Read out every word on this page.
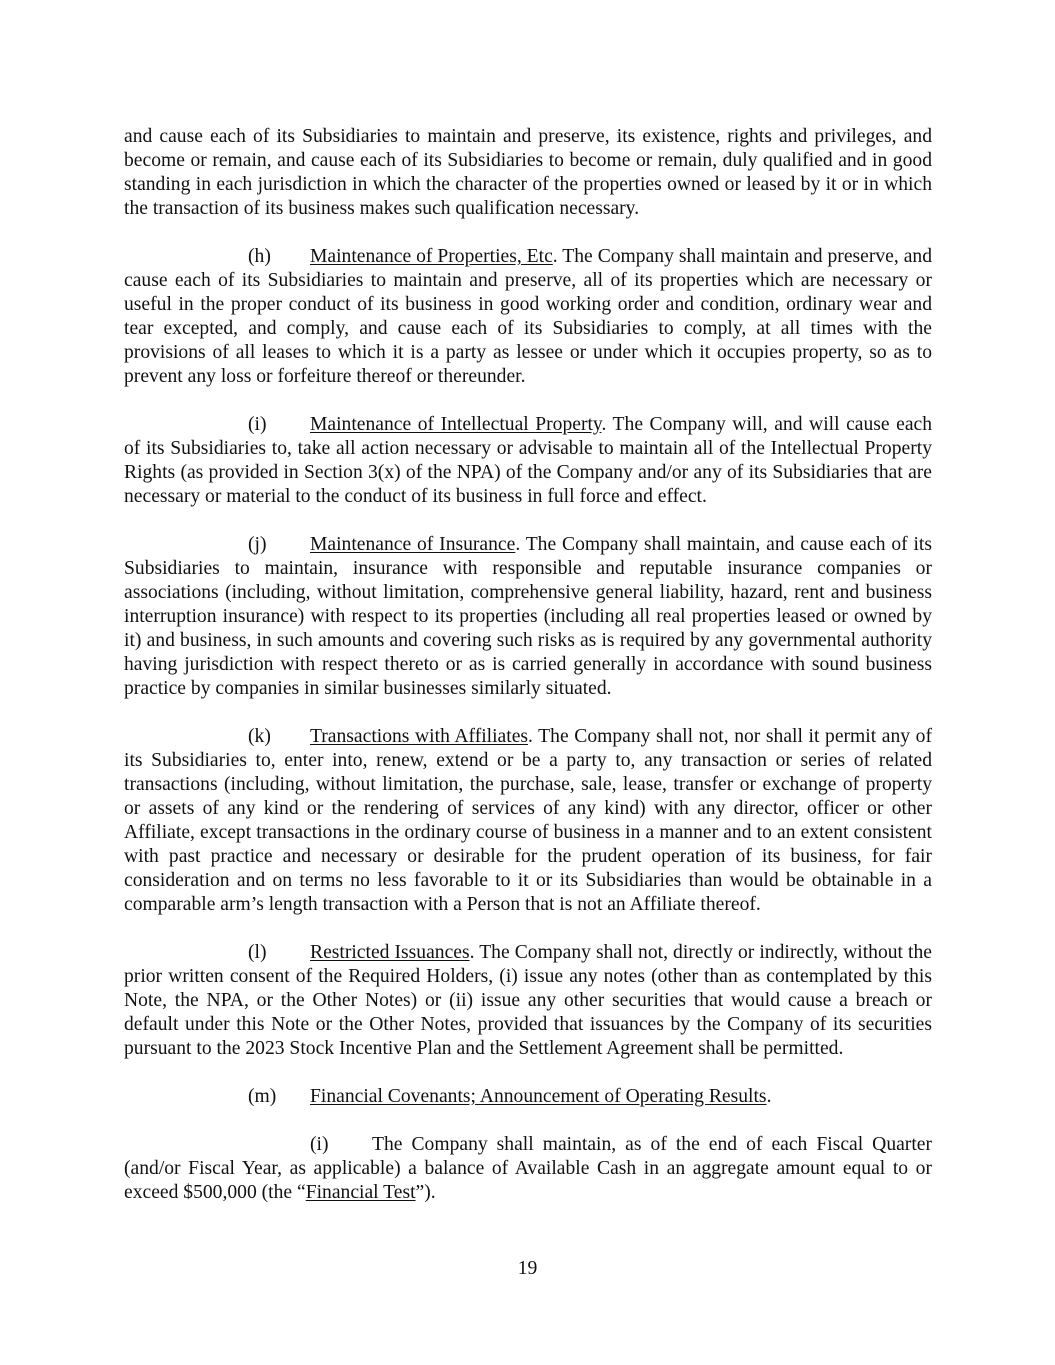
and cause each of its Subsidiaries to maintain and preserve, its existence, rights and privileges, and become or remain, and cause each of its Subsidiaries to become or remain, duly qualified and in good standing in each jurisdiction in which the character of the properties owned or leased by it or in which the transaction of its business makes such qualification necessary.

(h) Maintenance of Properties, Etc. The Company shall maintain and preserve, and cause each of its Subsidiaries to maintain and preserve, all of its properties which are necessary or useful in the proper conduct of its business in good working order and condition, ordinary wear and tear excepted, and comply, and cause each of its Subsidiaries to comply, at all times with the provisions of all leases to which it is a party as lessee or under which it occupies property, so as to prevent any loss or forfeiture thereof or thereunder.

(i) Maintenance of Intellectual Property. The Company will, and will cause each of its Subsidiaries to, take all action necessary or advisable to maintain all of the Intellectual Property Rights (as provided in Section 3(x) of the NPA) of the Company and/or any of its Subsidiaries that are necessary or material to the conduct of its business in full force and effect.

(j) Maintenance of Insurance. The Company shall maintain, and cause each of its Subsidiaries to maintain, insurance with responsible and reputable insurance companies or associations (including, without limitation, comprehensive general liability, hazard, rent and business interruption insurance) with respect to its properties (including all real properties leased or owned by it) and business, in such amounts and covering such risks as is required by any governmental authority having jurisdiction with respect thereto or as is carried generally in accordance with sound business practice by companies in similar businesses similarly situated.

(k) Transactions with Affiliates. The Company shall not, nor shall it permit any of its Subsidiaries to, enter into, renew, extend or be a party to, any transaction or series of related transactions (including, without limitation, the purchase, sale, lease, transfer or exchange of property or assets of any kind or the rendering of services of any kind) with any director, officer or other Affiliate, except transactions in the ordinary course of business in a manner and to an extent consistent with past practice and necessary or desirable for the prudent operation of its business, for fair consideration and on terms no less favorable to it or its Subsidiaries than would be obtainable in a comparable arm’s length transaction with a Person that is not an Affiliate thereof.

(l) Restricted Issuances. The Company shall not, directly or indirectly, without the prior written consent of the Required Holders, (i) issue any notes (other than as contemplated by this Note, the NPA, or the Other Notes) or (ii) issue any other securities that would cause a breach or default under this Note or the Other Notes, provided that issuances by the Company of its securities pursuant to the 2023 Stock Incentive Plan and the Settlement Agreement shall be permitted.

(m) Financial Covenants; Announcement of Operating Results.

(i) The Company shall maintain, as of the end of each Fiscal Quarter (and/or Fiscal Year, as applicable) a balance of Available Cash in an aggregate amount equal to or exceed $500,000 (the “Financial Test”).

19
